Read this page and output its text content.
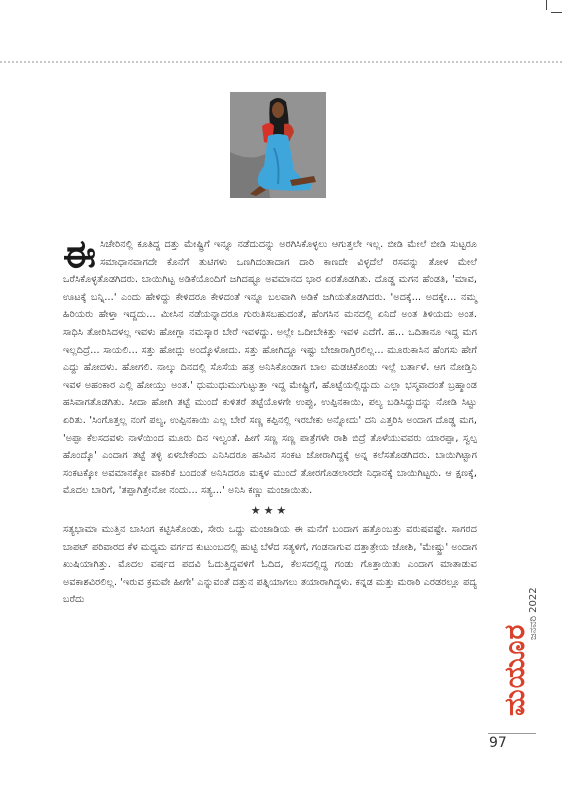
ಈಸಿಚೇರಿನಲ್ಲಿ ಕೂತಿದ್ದ ದತ್ತು ಮೇಷ್ಟ್ರಿಗೆ ಇನ್ನೂ ನಡೆದುದನ್ನು ಅರಗಿಸಿಕೊಳ್ಳಲು ಆಗುತ್ತಲೇ ಇಲ್ಲ. ಬೀಡಿ ಮೇಲೆ ಬೀಡಿ ಸುಟ್ಟರೂ ಸಮಾಧಾನವಾಗದೇ ಕೊನೆಗೆ ತುಟಿಗಳು ಒಣಗಿದಂತಾದಾಗ ದಾರಿ ಕಾಣದೇ ವಿಳ್ಳದೆಲೆ ರಸವನ್ನು ತೋಳ ಮೇಲೆ ಒರೆಸಿಕೊಳ್ಳತೊಡಗಿದರು. ಬಾಯಿಗಿಟ್ಟ ಅಡಿಕೆಯೊಂದಿಗೆ ಜಗಿದಷ್ಟೂ ಅವಮಾನದ ಭಾರ ಏರತೊಡಗಿತು. ದೊಡ್ಡ ಮಗನ ಹೆಂಡತಿ, 'ಮಾವ, ಊಟಕ್ಕೆ ಬನ್ನಿ...' ಎಂದು ಹೇಳಿದ್ದು ಕೇಳಿದರೂ ಕೇಳದಂತೆ ಇನ್ನೂ ಬಲವಾಗಿ ಅಡಿಕೆ ಜಗಿಯತೊಡಗಿದರು. 'ಅದಕ್ಕೆ... ಅದಕ್ಕೇ... ನಮ್ಮ ಹಿರಿಯರು ಹೇಳ್ತಾ ಇದ್ದದು... ಮೀಸಿನ ನಡೆಯನ್ನಾದರೂ ಗುರುತಿಸಬಹುದಂತೆ, ಹೆಂಗಸಿನ ಮನದಲ್ಲಿ ಏನಿದೆ ಅಂತ ತಿಳಿಯದು ಅಂತ. ಸಾಧಿಸಿ ತೋರಿಸಿದಳಲ್ಲ ಇವಳು ಹೋಗ್ಲಾ ನಮಸ್ಕಾರ ಬೇರೆ ಇವಳದ್ದು. ಅಲ್ಲೇ ಒದೀಬೇಕಿತ್ತು ಇವಳ ಎದೆಗೆ. ಹ... ಒದಿತಾನೂ ಇದ್ದ ಮಗ ಇಲ್ಲದಿದ್ರೆ... ಸಾಯಲಿ... ಸತ್ತು ಹೋದ್ಲು ಅಂದ್ಕೊಳೋದು. ಸತ್ತು ಹೋಗಿದ್ದೂ ಇಷ್ಟು ಬೇಜಾರಾಗ್ತಿರಲಿಲ್ಲ... ಮೂರುಕಾಸಿನ ಹೆಂಗಸು ಹೇಗೆ ಎದ್ದು ಹೋದಳು. ಹೋಗಲಿ. ನಾಲ್ಕು ದಿನದಲ್ಲಿ ಸೊಸೆಯ ಹತ್ರ ಅನಿಸಿಕೊಂಡಾಗ ಬಾಲ ಮಡಚಿಕೊಂಡು ಇಲ್ಲೆ ಬರ್ತಾಳೆ. ಆಗ ನೋಡ್ತಿನಿ ಇವಳ ಅಹಂಕಾರ ಎಲ್ಲಿ ಹೋಯ್ತು ಅಂತ.' ಧುಮುಧುಮುಗುಟ್ಟುತ್ತಾ ಇದ್ದ ಮೇಷ್ಟ್ರಿಗೆ, ಹೊಟ್ಟೆಯಲ್ಲಿದ್ದುದು ಎಲ್ಲಾ ಭಸ್ಮವಾದಂತೆ ಬ್ರಹ್ಮಾಂಡ ಹಸಿವಾಗತೊಡಗಿತು. ಸೀದಾ ಹೋಗಿ ತಟ್ಟೆ ಮುಂದೆ ಕುಳಿತರೆ ತಟ್ಟೆಯೊಳಗೇ ಉಪ್ಪು, ಉಪ್ಪಿನಕಾಯಿ, ಪಲ್ಯ ಬಡಿಸಿದ್ದುದನ್ನು ನೋಡಿ ಸಿಟ್ಟು ಏರಿತು. 'ಸಿಂಗೊತ್ತಲ್ಲ ನಂಗೆ ಪಲ್ಯ, ಉಪ್ಪಿನಕಾಯಿ ಎಲ್ಲ ಬೇರೆ ಸಣ್ಣ ಕಪ್ಪಿನಲ್ಲಿ ಇರಬೇಕು ಅನ್ನೋದು' ದನಿ ಎತ್ತರಿಸಿ ಅಂದಾಗ ದೊಡ್ಡ ಮಗ, 'ಅಪ್ಪಾ ಕೆಲಸದವಳು ನಾಳೆಯಿಂದ ಮೂರು ದಿನ ಇಲ್ವಂತೆ. ಹೀಗೆ ಸಣ್ಣ ಸಣ್ಣ ಪಾತ್ರೆಗಳೇ ರಾಶಿ ಬಿದ್ರೆ ತೊಳೆಯುವವರು ಯಾರಪ್ಪಾ, ಸ್ವಲ್ಪ ಹೊಂದ್ಕೊ' ಎಂದಾಗ ತಟ್ಟೆ ತಳ್ಳಿ ಏಳಬೇಕೆಂದು ಎನಿಸಿದರೂ ಹಸಿವಿನ ಸಂಕಟ ಜೋರಾಗಿದ್ದಕ್ಕೆ ಅನ್ನ ಕಲೆಸತೊಡಗಿದರು. ಬಾಯಿಗಿಟ್ಟಾಗ ಸಂಕಟಕ್ಕೋ ಅವಮಾನಕ್ಕೋ ವಾಕರಿಕೆ ಬಂದಂತೆ ಅನಿಸಿದರೂ ಮಕ್ಕಳ ಮುಂದೆ ತೋರಗೊಡಲಾರದೇ ನಿಧಾನಕ್ಕೆ ಬಾಯಿಗಿಟ್ಟರು. ಆ ಕ್ಷಣಕ್ಕೆ, ಮೊದಲ ಬಾರಿಗೆ, 'ತಪ್ಪಾಗಿತ್ತೇನೋ ನಂದು... ಸತ್ಯ...' ಅನಿಸಿ ಕಣ್ಣು ಮಂಜಾಯಿತು.

★★★

ಸತ್ಯಭಾಮಾ ಮುತ್ತಿನ ಬಾಸಿಂಗ ಕಟ್ಟಿಸಿಕೊಂಡು, ಸೇರು ಒದ್ದು ಮಂಜಾಡಿಯ ಈ ಮನೆಗೆ ಬಂದಾಗ ಹತ್ತೊಂಬತ್ತು ವರುಷವಷ್ಟೇ. ಸಾಗರದ ಬಾಪಟ್ ಪರಿವಾರದ ಕೆಳ ಮಧ್ಯಮ ವರ್ಗದ ಕುಟುಂಬದಲ್ಲಿ ಹುಟ್ಟಿ ಬೆಳೆದ ಸತ್ಯಳಿಗೆ, ಗಂಡನಾಗುವ ದತ್ತಾತ್ರೇಯ ಜೋಶಿ, 'ಮೇಷ್ಟ್ರು' ಅಂದಾಗ ಖುಷಿಯಾಗಿತ್ತು. ಮೊದಲ ವರ್ಷದ ಪದವಿ ಓದುತ್ತಿದ್ದವಳಿಗೆ ಓದಿದ, ಕೆಲಸದಲ್ಲಿದ್ದ ಗಂಡು ಗೊತ್ತಾಯಿತು ಎಂದಾಗ ಮಾತಾಡುವ ಅವಕಾಶವಿರಲಿಲ್ಲ. 'ಇರುವ ಕ್ರಮವೇ ಹೀಗೇ' ಎನ್ನುವಂತೆ ದತ್ತುನ ಪತ್ನಿಯಾಗಲು ತಯಾರಾಗಿದ್ದಳು. ಕನ್ನಡ ಮತ್ತು ಮರಾಠಿ ಎರಡರಲ್ಲೂ ಪದ್ಯ ಬರೆದು	ಜನವರಿ 2022
ಮಯೂರ
97
